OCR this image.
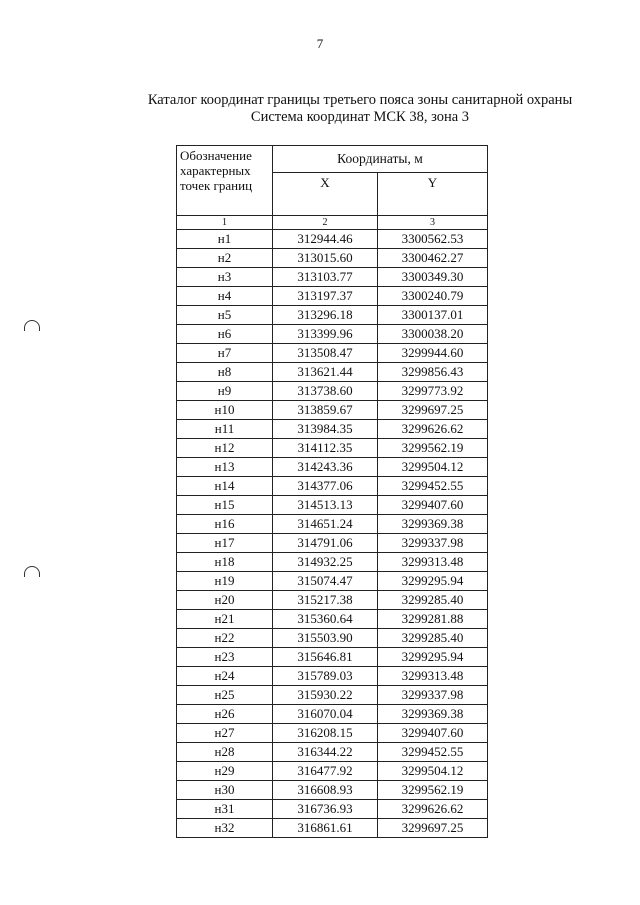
7
Каталог координат границы третьего пояса зоны санитарной охраны
Система координат МСК 38, зона 3
Обозначение характерных точек границ	Координаты, м	
	X	Y
1	2	3
н1	312944.46	3300562.53
н2	313015.60	3300462.27
н3	313103.77	3300349.30
н4	313197.37	3300240.79
н5	313296.18	3300137.01
н6	313399.96	3300038.20
н7	313508.47	3299944.60
н8	313621.44	3299856.43
н9	313738.60	3299773.92
н10	313859.67	3299697.25
н11	313984.35	3299626.62
н12	314112.35	3299562.19
н13	314243.36	3299504.12
н14	314377.06	3299452.55
н15	314513.13	3299407.60
н16	314651.24	3299369.38
н17	314791.06	3299337.98
н18	314932.25	3299313.48
н19	315074.47	3299295.94
н20	315217.38	3299285.40
н21	315360.64	3299281.88
н22	315503.90	3299285.40
н23	315646.81	3299295.94
н24	315789.03	3299313.48
н25	315930.22	3299337.98
н26	316070.04	3299369.38
н27	316208.15	3299407.60
н28	316344.22	3299452.55
н29	316477.92	3299504.12
н30	316608.93	3299562.19
н31	316736.93	3299626.62
н32	316861.61	3299697.25
